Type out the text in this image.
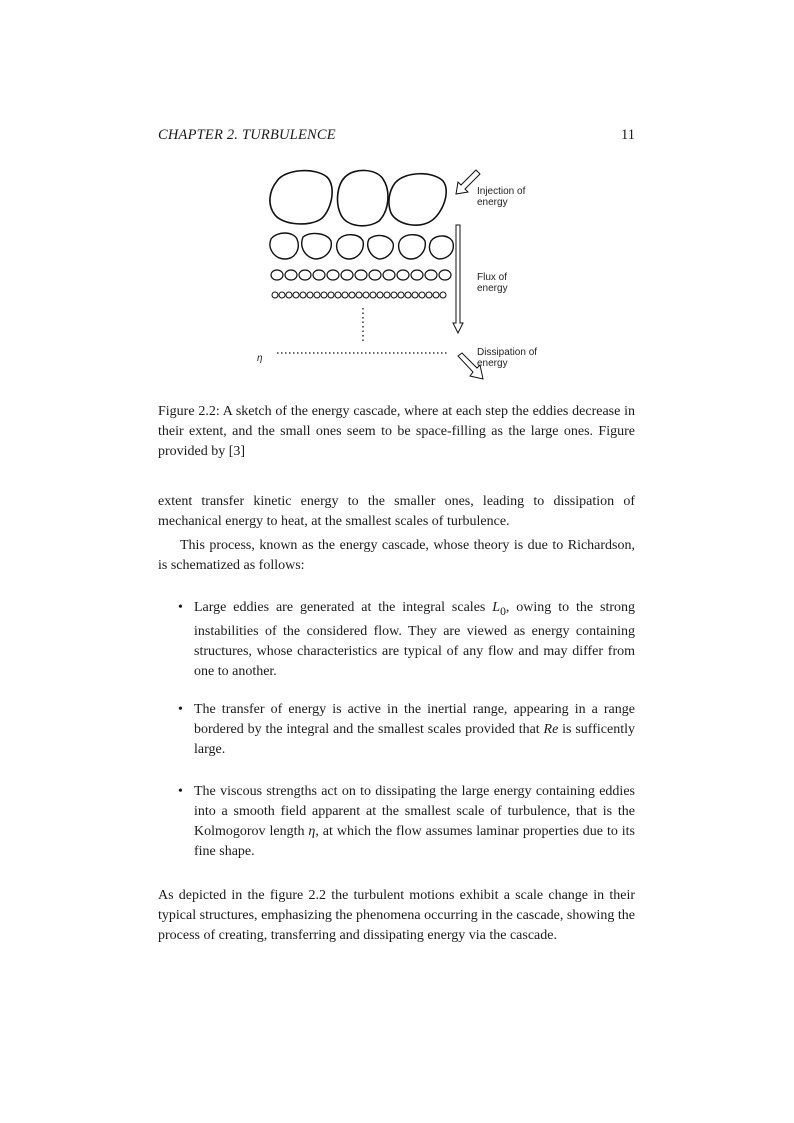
CHAPTER 2. TURBULENCE	11
η
Injection of
energy
Flux of
energy
Dissipation of
energy
Figure 2.2: A sketch of the energy cascade, where at each step the eddies decrease in their extent, and the small ones seem to be space-filling as the large ones. Figure provided by [3]
extent transfer kinetic energy to the smaller ones, leading to dissipation of mechanical energy to heat, at the smallest scales of turbulence.
This process, known as the energy cascade, whose theory is due to Richardson, is schematized as follows:
• Large eddies are generated at the integral scales $L_0$, owing to the strong instabilities of the considered flow. They are viewed as energy containing structures, whose characteristics are typical of any flow and may differ from one to another.
• The transfer of energy is active in the inertial range, appearing in a range bordered by the integral and the smallest scales provided that Re is sufficently large.
• The viscous strengths act on to dissipating the large energy containing eddies into a smooth field apparent at the smallest scale of turbulence, that is the Kolmogorov length η, at which the flow assumes laminar properties due to its fine shape.
As depicted in the figure 2.2 the turbulent motions exhibit a scale change in their typical structures, emphasizing the phenomena occurring in the cascade, showing the process of creating, transferring and dissipating energy via the cascade.
